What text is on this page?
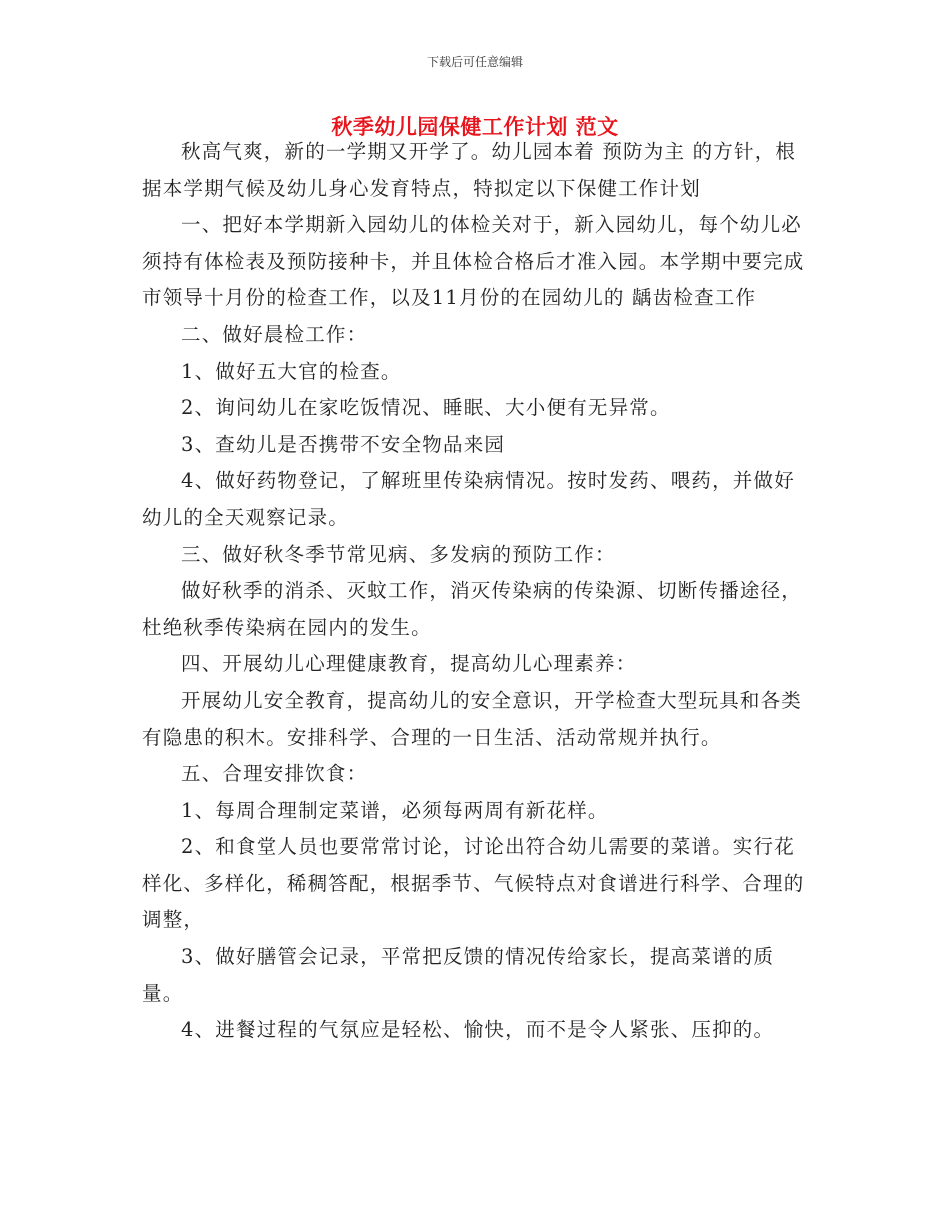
下载后可任意编辑
秋季幼儿园保健工作计划 范文

秋高气爽，新的一学期又开学了。幼儿园本着 预防为主 的方针，根据本学期气候及幼儿身心发育特点，特拟定以下保健工作计划

一、把好本学期新入园幼儿的体检关对于，新入园幼儿，每个幼儿必须持有体检表及预防接种卡，并且体检合格后才准入园。本学期中要完成市领导十月份的检查工作，以及11月份的在园幼儿的 龋齿检查工作

二、做好晨检工作：

1、做好五大官的检查。

2、询问幼儿在家吃饭情况、睡眠、大小便有无异常。

3、查幼儿是否携带不安全物品来园

4、做好药物登记，了解班里传染病情况。按时发药、喂药，并做好幼儿的全天观察记录。

三、做好秋冬季节常见病、多发病的预防工作：

做好秋季的消杀、灭蚊工作，消灭传染病的传染源、切断传播途径，杜绝秋季传染病在园内的发生。

四、开展幼儿心理健康教育，提高幼儿心理素养：

开展幼儿安全教育，提高幼儿的安全意识，开学检查大型玩具和各类有隐患的积木。安排科学、合理的一日生活、活动常规并执行。

五、合理安排饮食：

1、每周合理制定菜谱，必须每两周有新花样。

2、和食堂人员也要常常讨论，讨论出符合幼儿需要的菜谱。实行花样化、多样化，稀稠答配，根据季节、气候特点对食谱进行科学、合理的调整，

3、做好膳管会记录，平常把反馈的情况传给家长，提高菜谱的质量。

4、进餐过程的气氛应是轻松、愉快，而不是令人紧张、压抑的。
